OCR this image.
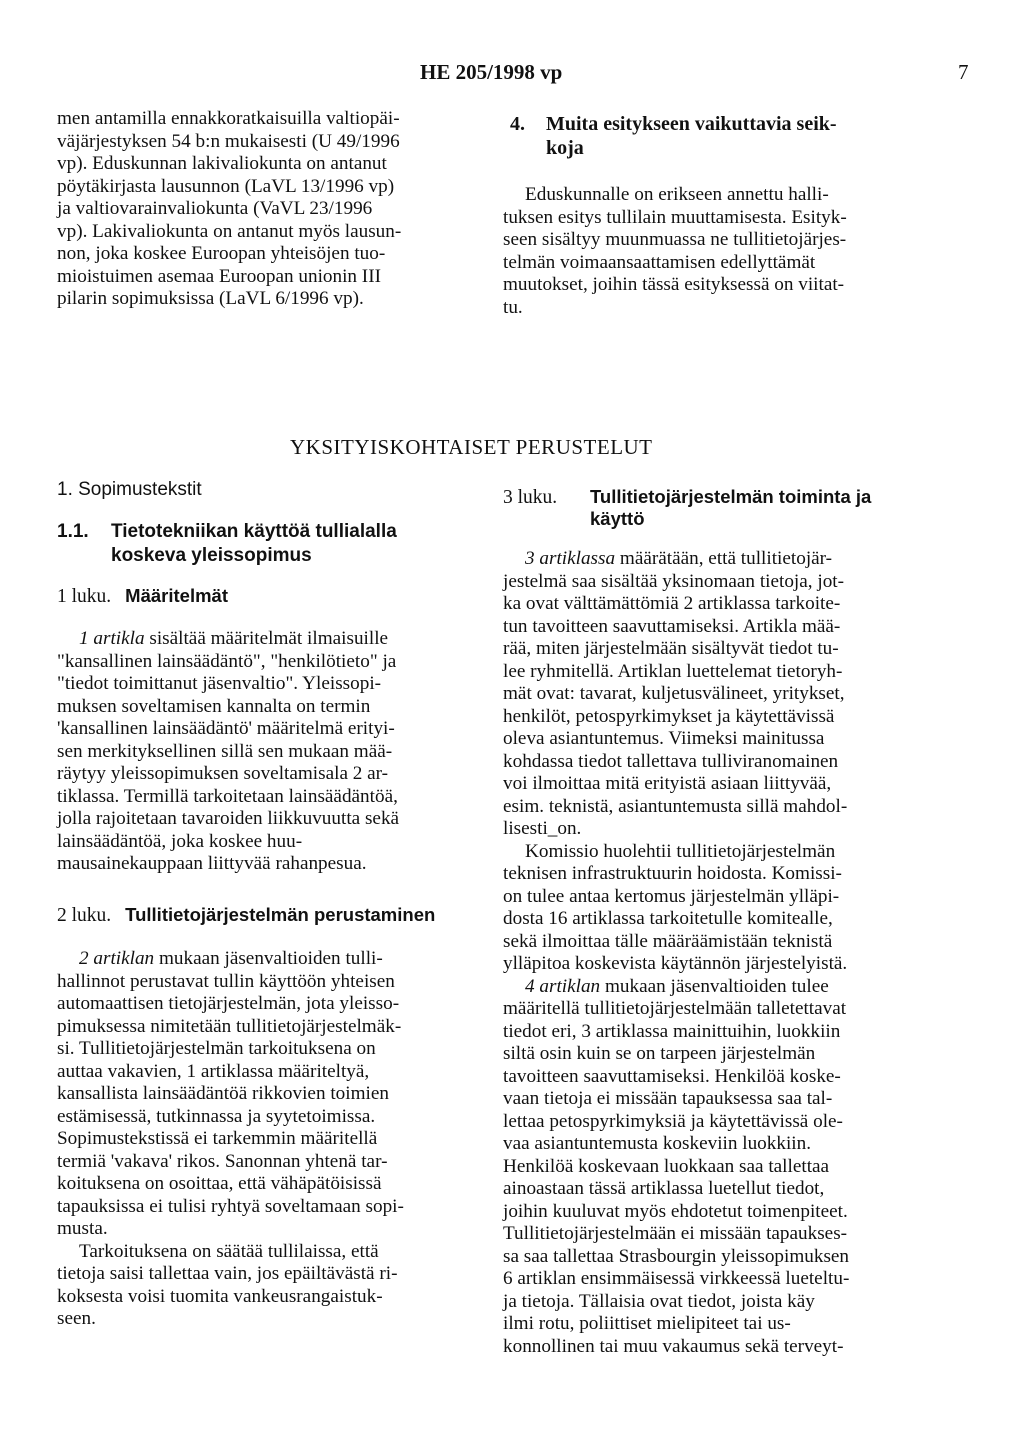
HE 205/1998 vp	7

men antamilla ennakkoratkaisuilla valtiopäi-

väjärjestyksen 54 b:n mukaisesti (U 49/1996

vp). Eduskunnan lakivaliokunta on antanut

pöytäkirjasta lausunnon (LaVL 13/1996 vp)

ja valtiovarainvaliokunta (VaVL 23/1996

vp). Lakivaliokunta on antanut myös lausun-

non, joka koskee Euroopan yhteisöjen tuo-

mioistuimen asemaa Euroopan unionin III

pilarin sopimuksissa (LaVL 6/1996 vp).

4. Muita esitykseen vaikuttavia seik-
koja

Eduskunnalle on erikseen annettu halli-

tuksen esitys tullilain muuttamisesta. Esityk-

seen sisältyy muunmuassa ne tullitietojärjes-

telmän voimaansaattamisen edellyttämät

muutokset, joihin tässä esityksessä on viitat-

tu.

YKSITYISKOHTAISET PERUSTELUT
1. Sopimustekstit
1.1. Tietotekniikan käyttöä tullialalla
koskeva yleissopimus
1 luku. Määritelmät

1 artikla sisältää määritelmät ilmaisuille

"kansallinen lainsäädäntö", "henkilötieto" ja

"tiedot toimittanut jäsenvaltio". Yleissopi-

muksen soveltamisen kannalta on termin

'kansallinen lainsäädäntö' määritelmä erityi-

sen merkityksellinen sillä sen mukaan mää-

räytyy yleissopimuksen soveltamisala 2 ar-

tiklassa. Termillä tarkoitetaan lainsäädäntöä,

jolla rajoitetaan tavaroiden liikkuvuutta sekä

lainsäädäntöä, joka koskee huu-

mausainekauppaan liittyvää rahanpesua.

2 luku. Tullitietojärjestelmän perustaminen

2 artiklan mukaan jäsenvaltioiden tulli-

hallinnot perustavat tullin käyttöön yhteisen

automaattisen tietojärjestelmän, jota yleisso-

pimuksessa nimitetään tullitietojärjestelmäk-

si. Tullitietojärjestelmän tarkoituksena on

auttaa vakavien, 1 artiklassa määriteltyä,

kansallista lainsäädäntöä rikkovien toimien

estämisessä, tutkinnassa ja syytetoimissa.

Sopimustekstissä ei tarkemmin määritellä

termiä 'vakava' rikos. Sanonnan yhtenä tar-

koituksena on osoittaa, että vähäpätöisissä

tapauksissa ei tulisi ryhtyä soveltamaan sopi-

musta.

Tarkoituksena on säätää tullilaissa, että

tietoja saisi tallettaa vain, jos epäiltävästä ri-

koksesta voisi tuomita vankeusrangaistuk-

seen.

3 luku. Tullitietojärjestelmän toiminta ja
käyttö

3 artiklassa määrätään, että tullitietojär-

jestelmä saa sisältää yksinomaan tietoja, jot-

ka ovat välttämättömiä 2 artiklassa tarkoite-

tun tavoitteen saavuttamiseksi. Artikla mää-

rää, miten järjestelmään sisältyvät tiedot tu-

lee ryhmitellä. Artiklan luettelemat tietoryh-

mät ovat: tavarat, kuljetusvälineet, yritykset,

henkilöt, petospyrkimykset ja käytettävissä

oleva asiantuntemus. Viimeksi mainitussa

kohdassa tiedot tallettava tulliviranomainen

voi ilmoittaa mitä erityistä asiaan liittyvää,

esim. teknistä, asiantuntemusta sillä mahdol-

lisesti_on.

Komissio huolehtii tullitietojärjestelmän

teknisen infrastruktuurin hoidosta. Komissi-

on tulee antaa kertomus järjestelmän ylläpi-

dosta 16 artiklassa tarkoitetulle komitealle,

sekä ilmoittaa tälle määräämistään teknistä

ylläpitoa koskevista käytännön järjestelyistä.

4 artiklan mukaan jäsenvaltioiden tulee

määritellä tullitietojärjestelmään talletettavat

tiedot eri, 3 artiklassa mainittuihin, luokkiin

siltä osin kuin se on tarpeen järjestelmän

tavoitteen saavuttamiseksi. Henkilöä koske-

vaan tietoja ei missään tapauksessa saa tal-

lettaa petospyrkimyksiä ja käytettävissä ole-

vaa asiantuntemusta koskeviin luokkiin.

Henkilöä koskevaan luokkaan saa tallettaa

ainoastaan tässä artiklassa luetellut tiedot,

joihin kuuluvat myös ehdotetut toimenpiteet.

Tullitietojärjestelmään ei missään tapaukses-

sa saa tallettaa Strasbourgin yleissopimuksen

6 artiklan ensimmäisessä virkkeessä lueteltu-

ja tietoja. Tällaisia ovat tiedot, joista käy

ilmi rotu, poliittiset mielipiteet tai us-

konnollinen tai muu vakaumus sekä terveyt-
